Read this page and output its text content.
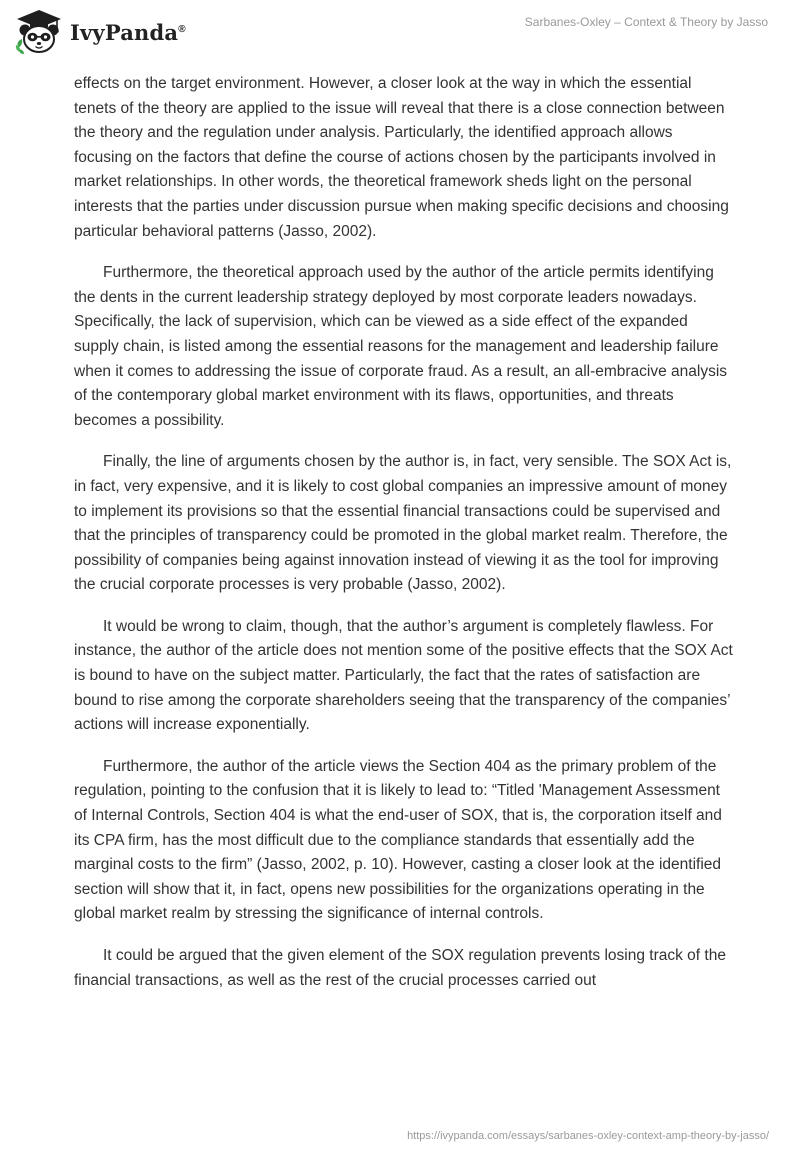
IvyPanda®	Sarbanes-Oxley – Context & Theory by Jasso

effects on the target environment. However, a closer look at the way in which the essential tenets of the theory are applied to the issue will reveal that there is a close connection between the theory and the regulation under analysis. Particularly, the identified approach allows focusing on the factors that define the course of actions chosen by the participants involved in market relationships. In other words, the theoretical framework sheds light on the personal interests that the parties under discussion pursue when making specific decisions and choosing particular behavioral patterns (Jasso, 2002).

Furthermore, the theoretical approach used by the author of the article permits identifying the dents in the current leadership strategy deployed by most corporate leaders nowadays. Specifically, the lack of supervision, which can be viewed as a side effect of the expanded supply chain, is listed among the essential reasons for the management and leadership failure when it comes to addressing the issue of corporate fraud. As a result, an all-embracive analysis of the contemporary global market environment with its flaws, opportunities, and threats becomes a possibility.

Finally, the line of arguments chosen by the author is, in fact, very sensible. The SOX Act is, in fact, very expensive, and it is likely to cost global companies an impressive amount of money to implement its provisions so that the essential financial transactions could be supervised and that the principles of transparency could be promoted in the global market realm. Therefore, the possibility of companies being against innovation instead of viewing it as the tool for improving the crucial corporate processes is very probable (Jasso, 2002).

It would be wrong to claim, though, that the author’s argument is completely flawless. For instance, the author of the article does not mention some of the positive effects that the SOX Act is bound to have on the subject matter. Particularly, the fact that the rates of satisfaction are bound to rise among the corporate shareholders seeing that the transparency of the companies’ actions will increase exponentially.

Furthermore, the author of the article views the Section 404 as the primary problem of the regulation, pointing to the confusion that it is likely to lead to: “Titled 'Management Assessment of Internal Controls, Section 404 is what the end-user of SOX, that is, the corporation itself and its CPA firm, has the most difficult due to the compliance standards that essentially add the marginal costs to the firm” (Jasso, 2002, p. 10). However, casting a closer look at the identified section will show that it, in fact, opens new possibilities for the organizations operating in the global market realm by stressing the significance of internal controls.

It could be argued that the given element of the SOX regulation prevents losing track of the financial transactions, as well as the rest of the crucial processes carried out

https://ivypanda.com/essays/sarbanes-oxley-context-amp-theory-by-jasso/
